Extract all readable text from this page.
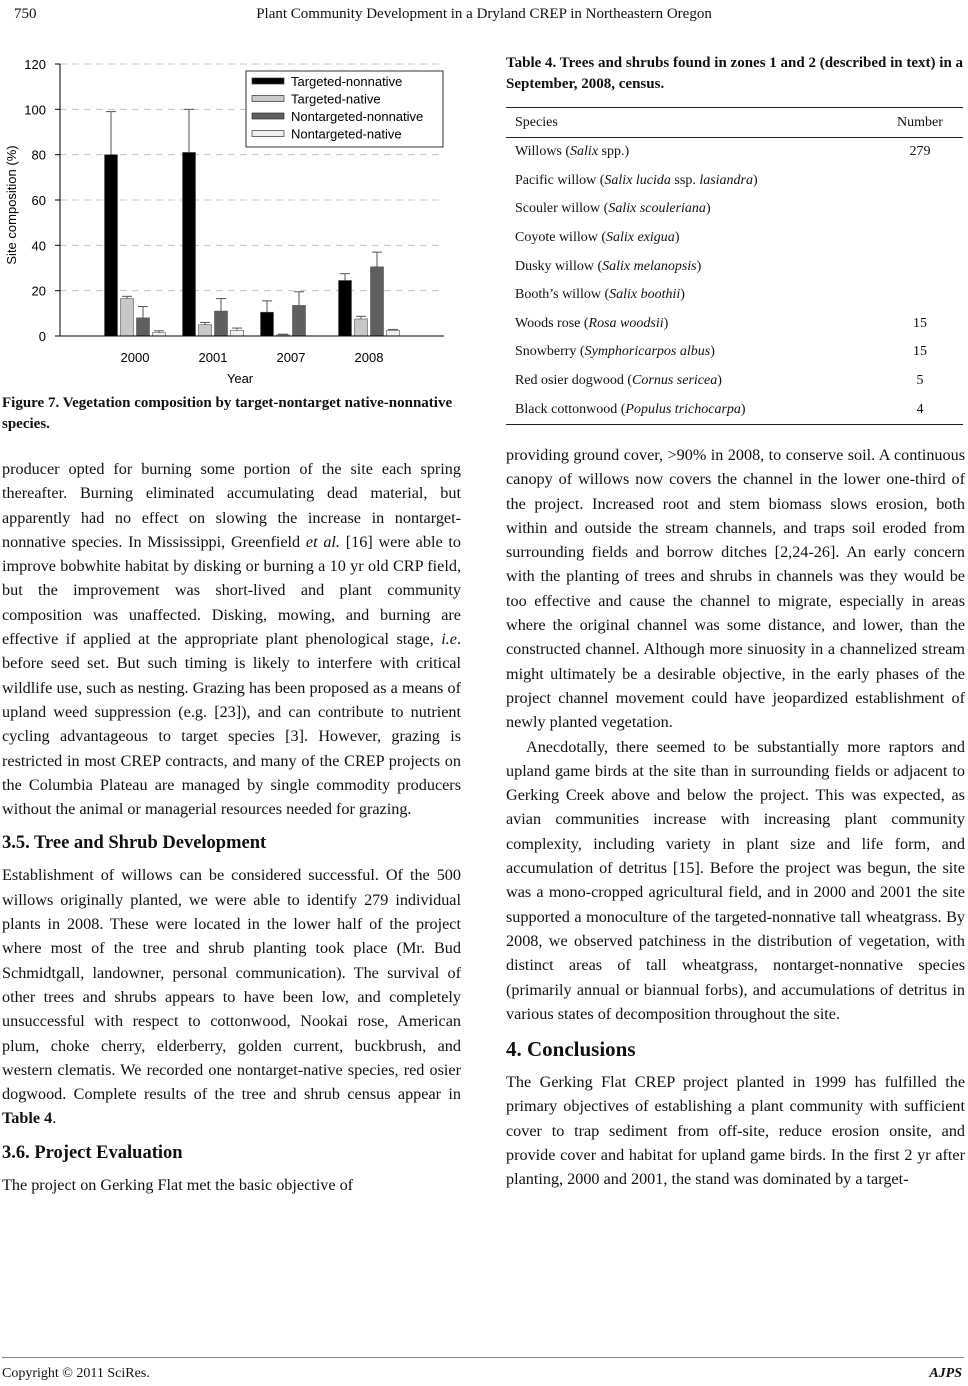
750	Plant Community Development in a Dryland CREP in Northeastern Oregon
0
20
40
60
80
100
120
Site composition (%)
Year
2000	2001	2007	2008
Targeted-nonnative
Targeted-native
Nontargeted-nonnative
Nontargeted-native
Figure 7. Vegetation composition by target-nontarget native-nonnative species.
Table 4. Trees and shrubs found in zones 1 and 2 (described in text) in a September, 2008, census.
Species	Number
Willows (Salix spp.)	279
Pacific willow (Salix lucida ssp. lasiandra)
Scouler willow (Salix scouleriana)
Coyote willow (Salix exigua)
Dusky willow (Salix melanopsis)
Booth’s willow (Salix boothii)
Woods rose (Rosa woodsii)	15
Snowberry (Symphoricarpos albus)	15
Red osier dogwood (Cornus sericea)	5
Black cottonwood (Populus trichocarpa)	4

producer opted for burning some portion of the site each spring thereafter. Burning eliminated accumulating dead material, but apparently had no effect on slowing the increase in nontarget-nonnative species. In Mississippi, Greenfield et al. [16] were able to improve bobwhite habitat by disking or burning a 10 yr old CRP field, but the improvement was short-lived and plant community composition was unaffected. Disking, mowing, and burning are effective if applied at the appropriate plant phenological stage, i.e. before seed set. But such timing is likely to interfere with critical wildlife use, such as nesting. Grazing has been proposed as a means of upland weed suppression (e.g. [23]), and can contribute to nutrient cycling advantageous to target species [3]. However, grazing is restricted in most CREP contracts, and many of the CREP projects on the Columbia Plateau are managed by single commodity producers without the animal or managerial resources needed for grazing.

3.5. Tree and Shrub Development

Establishment of willows can be considered successful. Of the 500 willows originally planted, we were able to identify 279 individual plants in 2008. These were located in the lower half of the project where most of the tree and shrub planting took place (Mr. Bud Schmidtgall, landowner, personal communication). The survival of other trees and shrubs appears to have been low, and completely unsuccessful with respect to cottonwood, Nookai rose, American plum, choke cherry, elderberry, golden current, buckbrush, and western clematis. We recorded one nontarget-native species, red osier dogwood. Complete results of the tree and shrub census appear in Table 4.

3.6. Project Evaluation

The project on Gerking Flat met the basic objective of

providing ground cover, >90% in 2008, to conserve soil. A continuous canopy of willows now covers the channel in the lower one-third of the project. Increased root and stem biomass slows erosion, both within and outside the stream channels, and traps soil eroded from surrounding fields and borrow ditches [2,24-26]. An early concern with the planting of trees and shrubs in channels was they would be too effective and cause the channel to migrate, especially in areas where the original channel was some distance, and lower, than the constructed channel. Although more sinuosity in a channelized stream might ultimately be a desirable objective, in the early phases of the project channel movement could have jeopardized establishment of newly planted vegetation.

Anecdotally, there seemed to be substantially more raptors and upland game birds at the site than in surrounding fields or adjacent to Gerking Creek above and below the project. This was expected, as avian communities increase with increasing plant community complexity, including variety in plant size and life form, and accumulation of detritus [15]. Before the project was begun, the site was a mono-cropped agricultural field, and in 2000 and 2001 the site supported a monoculture of the targeted-nonnative tall wheatgrass. By 2008, we observed patchiness in the distribution of vegetation, with distinct areas of tall wheatgrass, nontarget-nonnative species (primarily annual or biannual forbs), and accumulations of detritus in various states of decomposition throughout the site.

4. Conclusions

The Gerking Flat CREP project planted in 1999 has fulfilled the primary objectives of establishing a plant community with sufficient cover to trap sediment from off-site, reduce erosion onsite, and provide cover and habitat for upland game birds. In the first 2 yr after planting, 2000 and 2001, the stand was dominated by a target-

Copyright © 2011 SciRes.	AJPS
